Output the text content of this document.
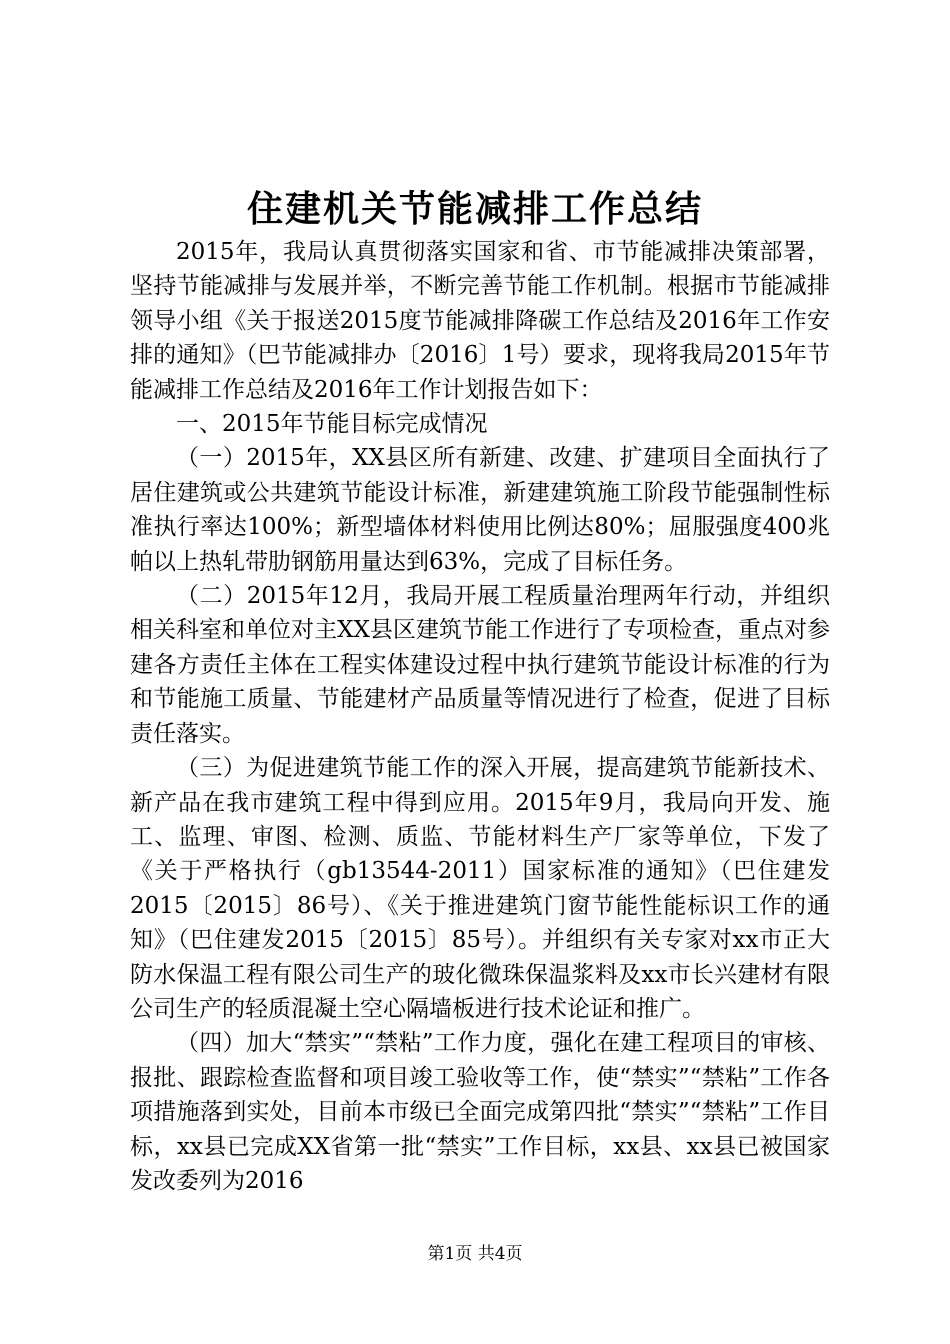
住建机关节能减排工作总结

2015年，我局认真贯彻落实国家和省、市节能减排决策部署，坚持节能减排与发展并举，不断完善节能工作机制。根据市节能减排领导小组《关于报送2015度节能减排降碳工作总结及2016年工作安排的通知》（巴节能减排办〔2016〕1号）要求，现将我局2015年节能减排工作总结及2016年工作计划报告如下：

一、2015年节能目标完成情况

（一）2015年，XX县区所有新建、改建、扩建项目全面执行了居住建筑或公共建筑节能设计标准，新建建筑施工阶段节能强制性标准执行率达100%；新型墙体材料使用比例达80%；屈服强度400兆帕以上热轧带肋钢筋用量达到63%，完成了目标任务。

（二）2015年12月，我局开展工程质量治理两年行动，并组织相关科室和单位对主XX县区建筑节能工作进行了专项检查，重点对参建各方责任主体在工程实体建设过程中执行建筑节能设计标准的行为和节能施工质量、节能建材产品质量等情况进行了检查，促进了目标责任落实。

（三）为促进建筑节能工作的深入开展，提高建筑节能新技术、新产品在我市建筑工程中得到应用。2015年9月，我局向开发、施工、监理、审图、检测、质监、节能材料生产厂家等单位，下发了《关于严格执行（gb13544-2011）国家标准的通知》（巴住建发2015〔2015〕86号）、《关于推进建筑门窗节能性能标识工作的通知》（巴住建发2015〔2015〕85号）。并组织有关专家对xx市正大防水保温工程有限公司生产的玻化微珠保温浆料及xx市长兴建材有限公司生产的轻质混凝土空心隔墙板进行技术论证和推广。

（四）加大“禁实”“禁粘”工作力度，强化在建工程项目的审核、报批、跟踪检查监督和项目竣工验收等工作，使“禁实”“禁粘”工作各项措施落到实处，目前本市级已全面完成第四批“禁实”“禁粘”工作目标，xx县已完成XX省第一批“禁实”工作目标，xx县、xx县已被国家发改委列为2016

第1页 共4页
